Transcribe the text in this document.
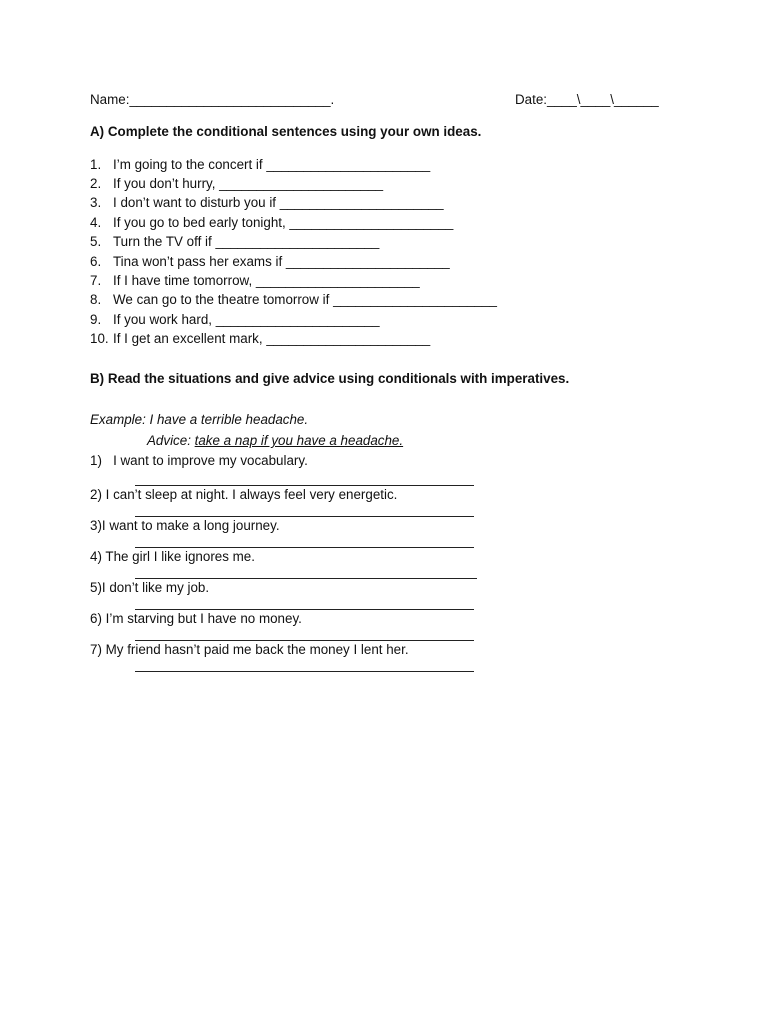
Name:___________________________.	Date:____\____\______
A) Complete the conditional sentences using your own ideas.
1. I’m going to the concert if ______________________
2. If you don’t hurry, ______________________
3. I don’t want to disturb you if ______________________
4. If you go to bed early tonight, ______________________
5. Turn the TV off if ______________________
6. Tina won’t pass her exams if ______________________
7. If I have time tomorrow, ______________________
8. We can go to the theatre tomorrow if ______________________
9. If you work hard, ______________________
10. If I get an excellent mark, ______________________
B) Read the situations and give advice using conditionals with imperatives.
Example: I have a terrible headache.
Advice: take a nap if you have a headache.
1)   I want to improve my vocabulary.
2) I can’t sleep at night. I always feel very energetic.
3)I want to make a long journey.
4) The girl I like ignores me.
5)I don’t like my job.
6) I’m starving but I have no money.
7) My friend hasn’t paid me back the money I lent her.
